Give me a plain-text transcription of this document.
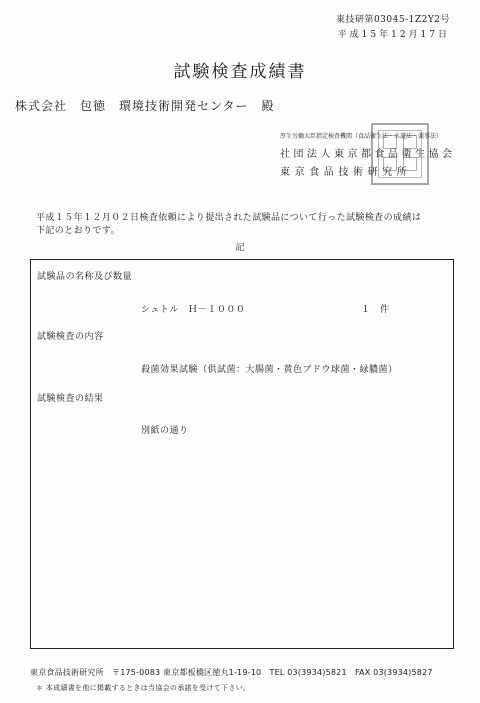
東技研第03045-1Z2Y2号
平成15年12月17日
試験検査成績書
株式会社　包徳　環境技術開発センター　殿
厚生労働大臣指定検査機関（食品衛生法・水道法・薬事法）
社団法人東京都食品衛生協会
東京食品技術研究所
平成１５年１２月０２日検査依頼により提出された試験品について行った試験検査の成績は
下記のとおりです。
記
試験品の名称及び数量
シュトル　Ｈ－１０００	１　件
試験検査の内容
殺菌効果試験（供試菌：大腸菌・黄色ブドウ球菌・緑膿菌）
試験検査の結果
別紙の通り
東京食品技術研究所　〒175-0083 東京都板橋区徳丸1-19-10　TEL 03(3934)5821　FAX 03(3934)5827
＊ 本成績書を他に掲載するときは当協会の承諾を受けて下さい。
